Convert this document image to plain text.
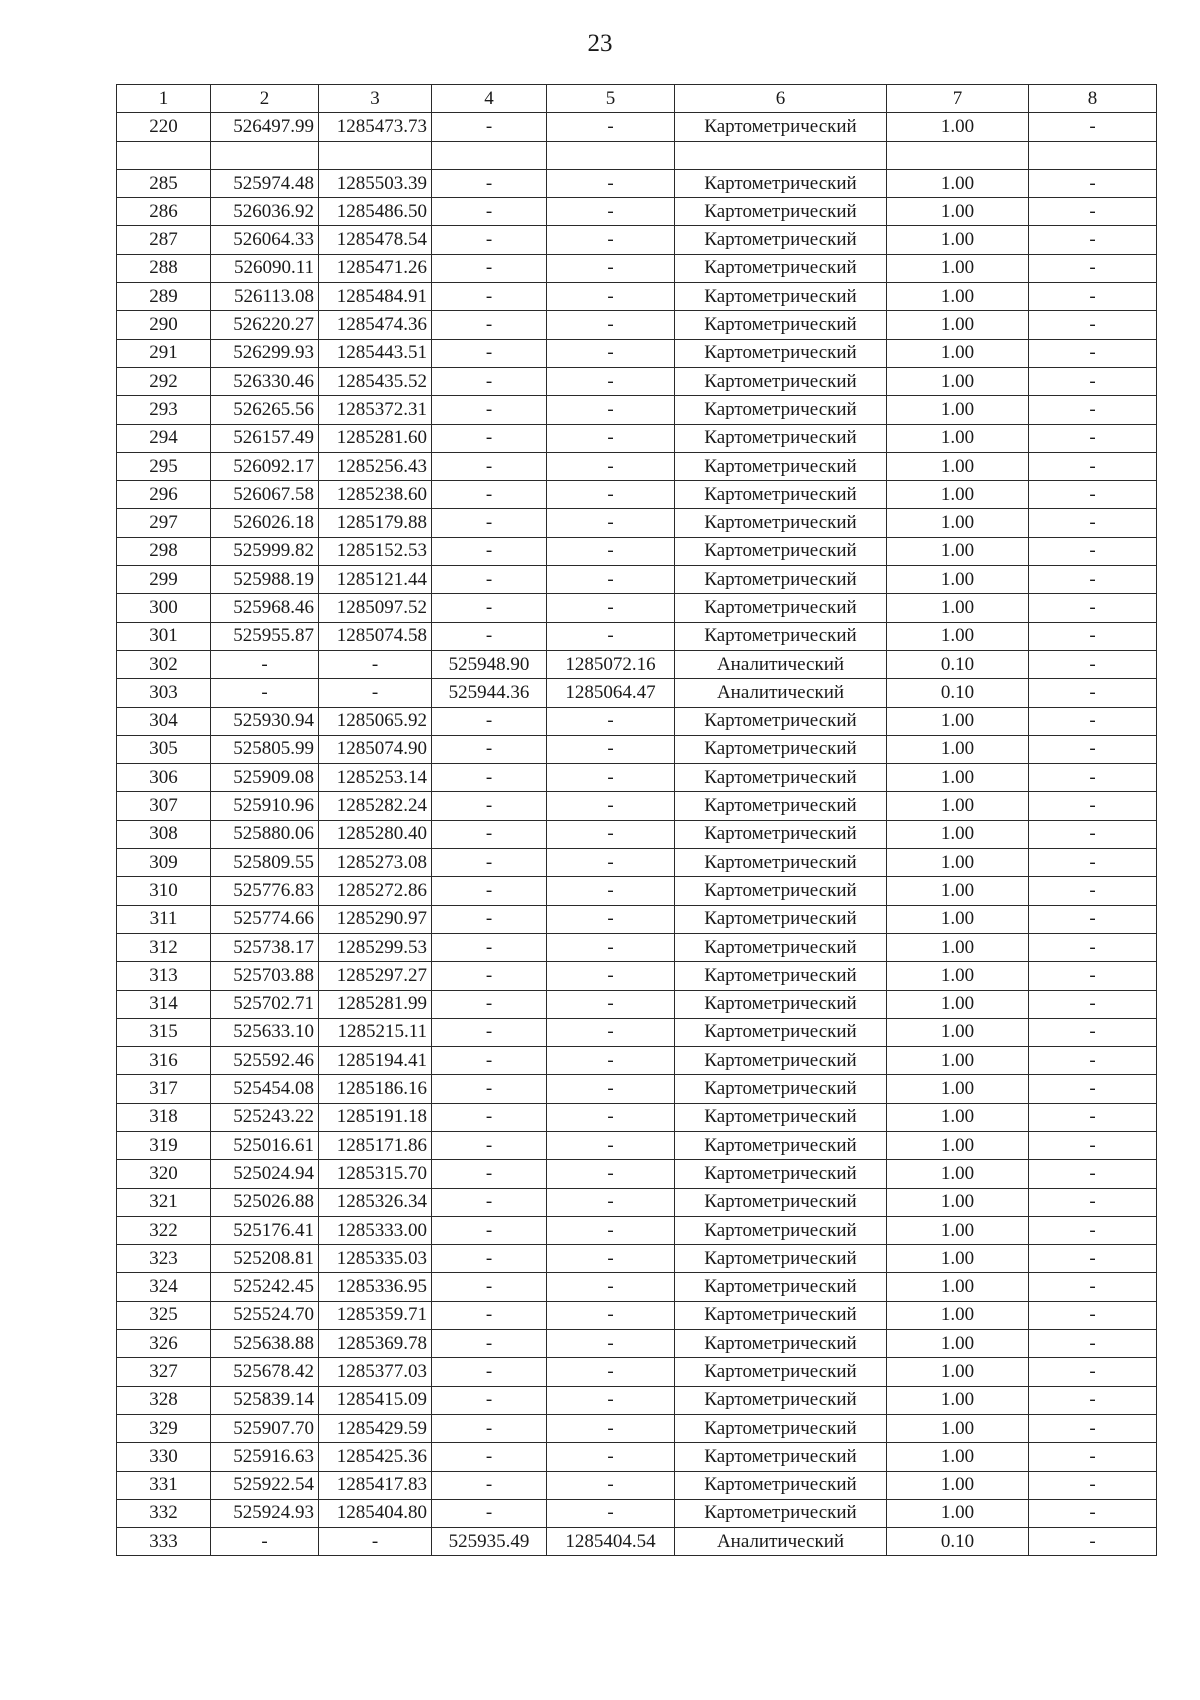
23
1	2	3	4	5	6	7	8
220	526497.99	1285473.73	-	-	Картометрический	1.00	-

285	525974.48	1285503.39	-	-	Картометрический	1.00	-
286	526036.92	1285486.50	-	-	Картометрический	1.00	-
287	526064.33	1285478.54	-	-	Картометрический	1.00	-
288	526090.11	1285471.26	-	-	Картометрический	1.00	-
289	526113.08	1285484.91	-	-	Картометрический	1.00	-
290	526220.27	1285474.36	-	-	Картометрический	1.00	-
291	526299.93	1285443.51	-	-	Картометрический	1.00	-
292	526330.46	1285435.52	-	-	Картометрический	1.00	-
293	526265.56	1285372.31	-	-	Картометрический	1.00	-
294	526157.49	1285281.60	-	-	Картометрический	1.00	-
295	526092.17	1285256.43	-	-	Картометрический	1.00	-
296	526067.58	1285238.60	-	-	Картометрический	1.00	-
297	526026.18	1285179.88	-	-	Картометрический	1.00	-
298	525999.82	1285152.53	-	-	Картометрический	1.00	-
299	525988.19	1285121.44	-	-	Картометрический	1.00	-
300	525968.46	1285097.52	-	-	Картометрический	1.00	-
301	525955.87	1285074.58	-	-	Картометрический	1.00	-
302	-	-	525948.90	1285072.16	Аналитический	0.10	-
303	-	-	525944.36	1285064.47	Аналитический	0.10	-
304	525930.94	1285065.92	-	-	Картометрический	1.00	-
305	525805.99	1285074.90	-	-	Картометрический	1.00	-
306	525909.08	1285253.14	-	-	Картометрический	1.00	-
307	525910.96	1285282.24	-	-	Картометрический	1.00	-
308	525880.06	1285280.40	-	-	Картометрический	1.00	-
309	525809.55	1285273.08	-	-	Картометрический	1.00	-
310	525776.83	1285272.86	-	-	Картометрический	1.00	-
311	525774.66	1285290.97	-	-	Картометрический	1.00	-
312	525738.17	1285299.53	-	-	Картометрический	1.00	-
313	525703.88	1285297.27	-	-	Картометрический	1.00	-
314	525702.71	1285281.99	-	-	Картометрический	1.00	-
315	525633.10	1285215.11	-	-	Картометрический	1.00	-
316	525592.46	1285194.41	-	-	Картометрический	1.00	-
317	525454.08	1285186.16	-	-	Картометрический	1.00	-
318	525243.22	1285191.18	-	-	Картометрический	1.00	-
319	525016.61	1285171.86	-	-	Картометрический	1.00	-
320	525024.94	1285315.70	-	-	Картометрический	1.00	-
321	525026.88	1285326.34	-	-	Картометрический	1.00	-
322	525176.41	1285333.00	-	-	Картометрический	1.00	-
323	525208.81	1285335.03	-	-	Картометрический	1.00	-
324	525242.45	1285336.95	-	-	Картометрический	1.00	-
325	525524.70	1285359.71	-	-	Картометрический	1.00	-
326	525638.88	1285369.78	-	-	Картометрический	1.00	-
327	525678.42	1285377.03	-	-	Картометрический	1.00	-
328	525839.14	1285415.09	-	-	Картометрический	1.00	-
329	525907.70	1285429.59	-	-	Картометрический	1.00	-
330	525916.63	1285425.36	-	-	Картометрический	1.00	-
331	525922.54	1285417.83	-	-	Картометрический	1.00	-
332	525924.93	1285404.80	-	-	Картометрический	1.00	-
333	-	-	525935.49	1285404.54	Аналитический	0.10	-
